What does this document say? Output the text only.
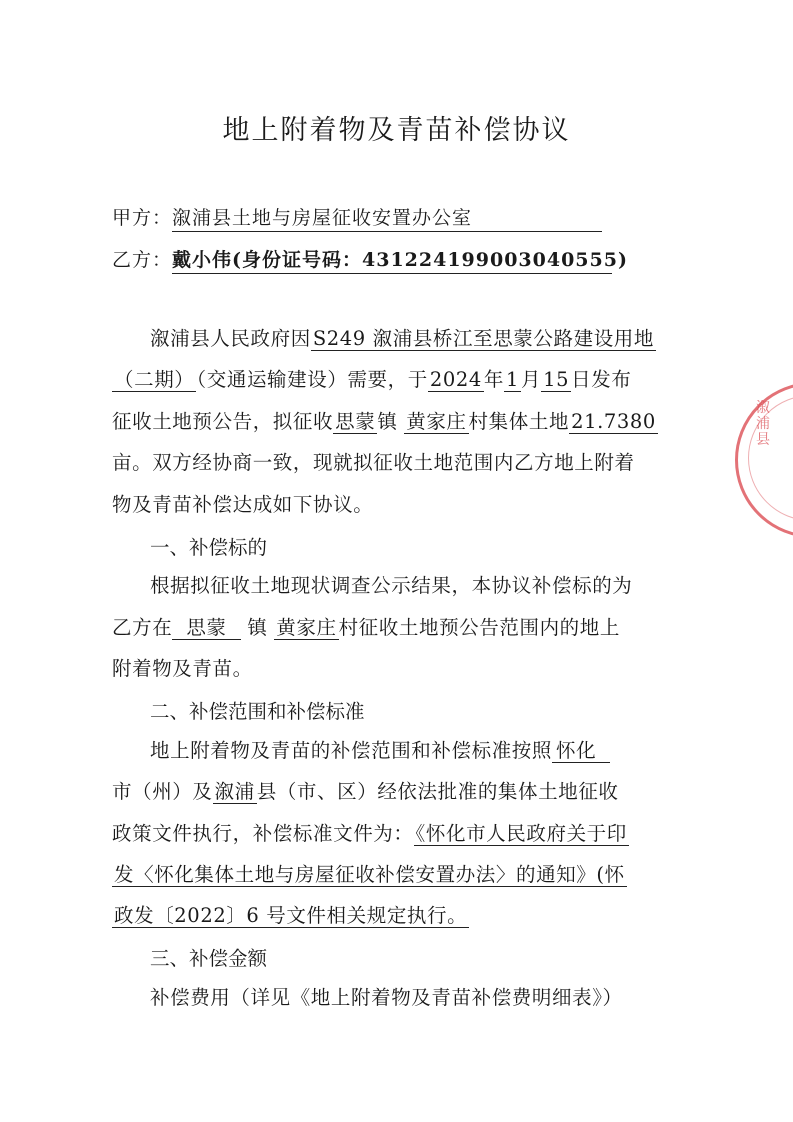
地上附着物及青苗补偿协议
甲方：溆浦县土地与房屋征收安置办公室
乙方：戴小伟(身份证号码：431224199003040555)
溆浦县人民政府因 S249 溆浦县桥江至思蒙公路建设用地
（二期） （交通运输建设）需要，于 2024 年 1 月 15 日发布
征收土地预公告，拟征收 思蒙 镇 黄家庄 村集体土地 21.7380
亩。双方经协商一致，现就拟征收土地范围内乙方地上附着
物及青苗补偿达成如下协议。
一、补偿标的
根据拟征收土地现状调查公示结果，本协议补偿标的为
乙方在 思蒙 镇 黄家庄 村征收土地预公告范围内的地上
附着物及青苗。
二、补偿范围和补偿标准
地上附着物及青苗的补偿范围和补偿标准按照 怀化
市（州）及 溆浦 县（市、区）经依法批准的集体土地征收
政策文件执行，补偿标准文件为： 《怀化市人民政府关于印
发〈怀化集体土地与房屋征收补偿安置办法〉的通知》(怀
政发〔2022〕6 号文件相关规定执行。
三、补偿金额
补偿费用（详见《地上附着物及青苗补偿费明细表》）
溆浦县
